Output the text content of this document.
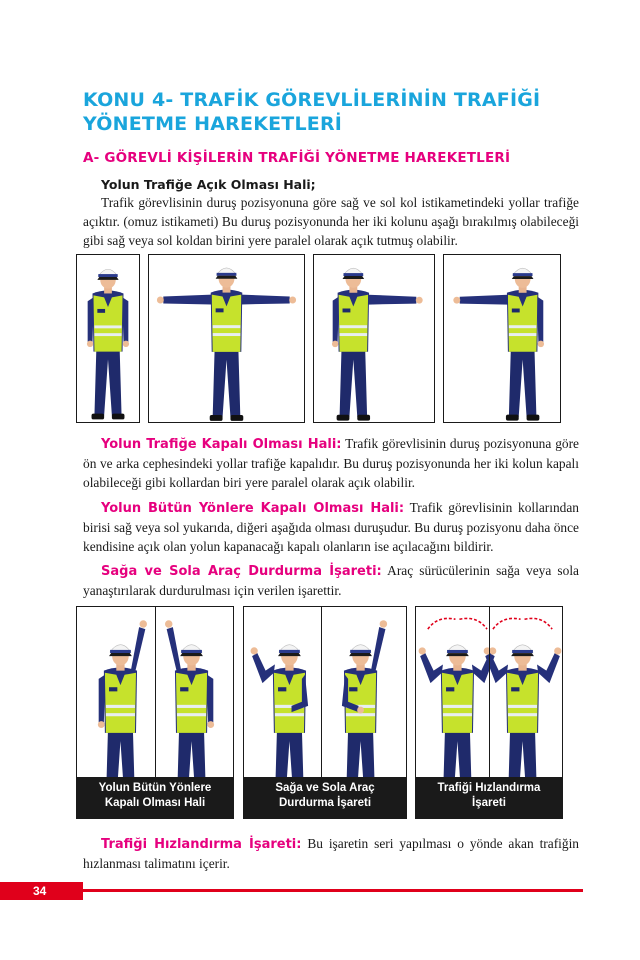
KONU 4- TRAFİK GÖREVLİLERİNİN TRAFİĞİ
YÖNETME HAREKETLERİ
A- GÖREVLİ KİŞİLERİN TRAFİĞİ YÖNETME HAREKETLERİ
Yolun Trafiğe Açık Olması Hali;
Trafik görevlisinin duruş pozisyonuna göre sağ ve sol kol istikametindeki yollar trafiğe açıktır. (omuz istikameti) Bu duruş pozisyonunda her iki kolunu aşağı bırakılmış olabileceği gibi sağ veya sol koldan birini yere paralel olarak açık tutmuş olabilir.
Yolun Trafiğe Kapalı Olması Hali: Trafik görevlisinin duruş pozisyonuna göre ön ve arka cephesindeki yollar trafiğe kapalıdır. Bu duruş pozisyonunda her iki kolun kapalı olabileceği gibi kollardan biri yere paralel olarak açık olabilir.
Yolun Bütün Yönlere Kapalı Olması Hali: Trafik görevlisinin kollarından birisi sağ veya sol yukarıda, diğeri aşağıda olması duruşudur. Bu duruş pozisyonu daha önce kendisine açık olan yolun kapanacağı kapalı olanların ise açılacağını bildirir.
Sağa ve Sola Araç Durdurma İşareti: Araç sürücülerinin sağa veya sola yanaştırılarak durdurulması için verilen işarettir.
Yolun Bütün Yönlere
Kapalı Olması Hali
Sağa ve Sola Araç
Durdurma İşareti
Trafiği Hızlandırma
İşareti
Trafiği Hızlandırma İşareti: Bu işaretin seri yapılması o yönde akan trafiğin hızlanması talimatını içerir.
34
